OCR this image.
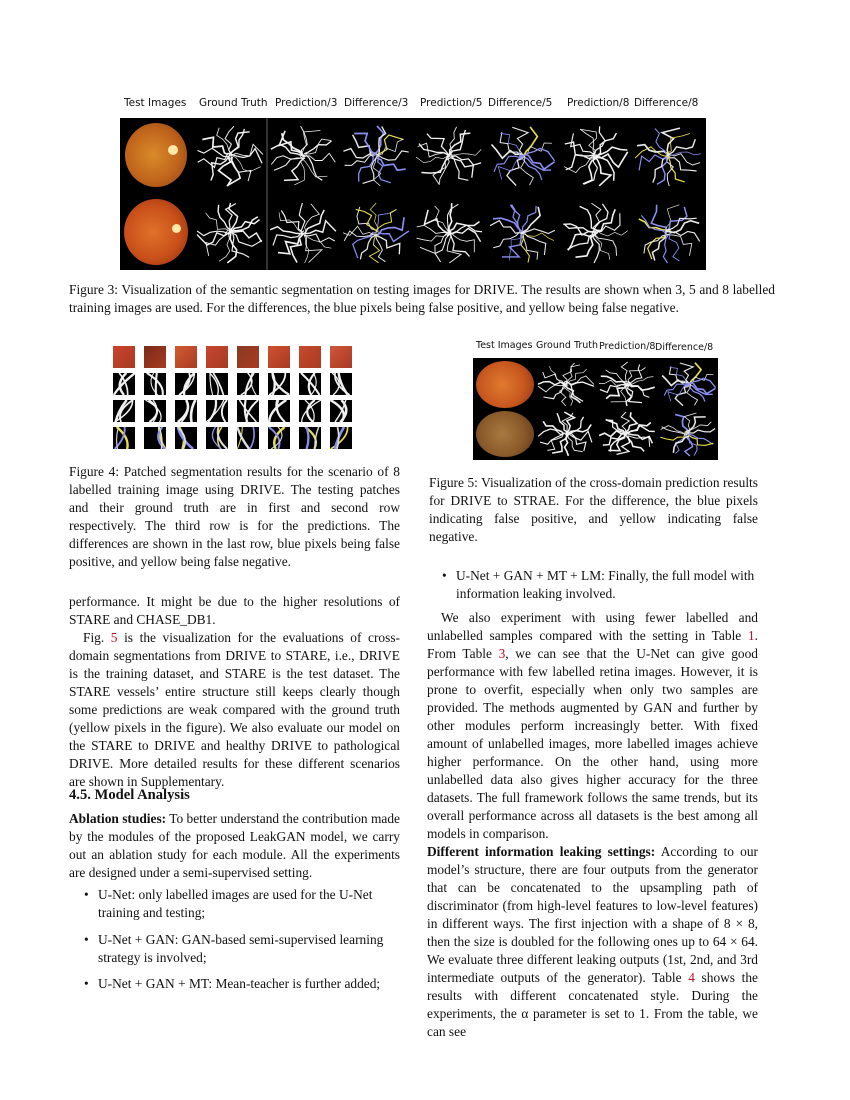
Test Images Ground Truth Prediction/3 Difference/3 Prediction/5 Difference/5 Prediction/8 Difference/8
Figure 3: Visualization of the semantic segmentation on testing images for DRIVE. The results are shown when 3, 5 and 8 labelled training images are used. For the differences, the blue pixels being false positive, and yellow being false negative.
Figure 4: Patched segmentation results for the scenario of 8 labelled training image using DRIVE. The testing patches and their ground truth are in first and second row respectively. The third row is for the predictions. The differences are shown in the last row, blue pixels being false positive, and yellow being false negative.
Test Images Ground Truth Prediction/8 Difference/8
Figure 5: Visualization of the cross-domain prediction results for DRIVE to STRAE. For the difference, the blue pixels indicating false positive, and yellow indicating false negative.

performance. It might be due to the higher resolutions of STARE and CHASE_DB1.

Fig. 5 is the visualization for the evaluations of cross-domain segmentations from DRIVE to STARE, i.e., DRIVE is the training dataset, and STARE is the test dataset. The STARE vessels’ entire structure still keeps clearly though some predictions are weak compared with the ground truth (yellow pixels in the figure). We also evaluate our model on the STARE to DRIVE and healthy DRIVE to pathological DRIVE. More detailed results for these different scenarios are shown in Supplementary.

4.5. Model Analysis

Ablation studies: To better understand the contribution made by the modules of the proposed LeakGAN model, we carry out an ablation study for each module. All the experiments are designed under a semi-supervised setting.

• U-Net: only labelled images are used for the U-Net training and testing;
• U-Net + GAN: GAN-based semi-supervised learning strategy is involved;
• U-Net + GAN + MT: Mean-teacher is further added;
• U-Net + GAN + MT + LM: Finally, the full model with information leaking involved.

We also experiment with using fewer labelled and unlabelled samples compared with the setting in Table 1. From Table 3, we can see that the U-Net can give good performance with few labelled retina images. However, it is prone to overfit, especially when only two samples are provided. The methods augmented by GAN and further by other modules perform increasingly better. With fixed amount of unlabelled images, more labelled images achieve higher performance. On the other hand, using more unlabelled data also gives higher accuracy for the three datasets. The full framework follows the same trends, but its overall performance across all datasets is the best among all models in comparison.

Different information leaking settings: According to our model’s structure, there are four outputs from the generator that can be concatenated to the upsampling path of discriminator (from high-level features to low-level features) in different ways. The first injection with a shape of 8 × 8, then the size is doubled for the following ones up to 64 × 64. We evaluate three different leaking outputs (1st, 2nd, and 3rd intermediate outputs of the generator). Table 4 shows the results with different concatenated style. During the experiments, the α parameter is set to 1. From the table, we can see
